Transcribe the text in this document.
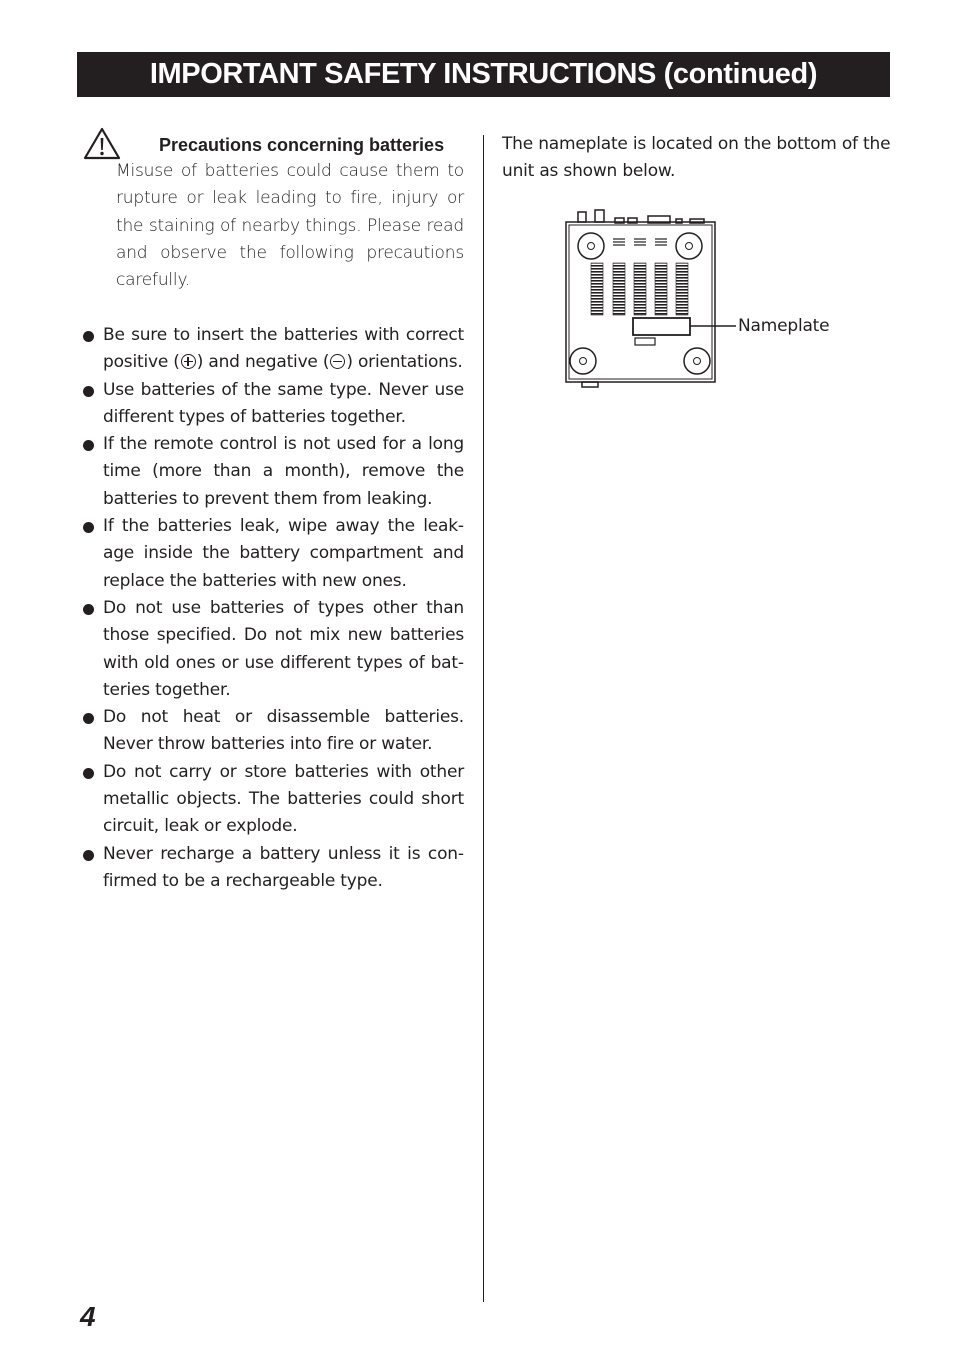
IMPORTANT SAFETY INSTRUCTIONS (continued)
Precautions concerning batteries
Misuse of batteries could cause them to rupture or leak leading to fire, injury or the staining of nearby things. Please read and observe the following precautions carefully.
Be sure to insert the batteries with correct positive ( ) and negative ( ) orientations.
Use batteries of the same type. Never use different types of batteries together.
If the remote control is not used for a long time (more than a month), remove the batteries to prevent them from leaking.
If the batteries leak, wipe away the leakage inside the battery compartment and replace the batteries with new ones.
Do not use batteries of types other than those specified. Do not mix new batteries with old ones or use different types of batteries together.
Do not heat or disassemble batteries. Never throw batteries into fire or water.
Do not carry or store batteries with other metallic objects. The batteries could short circuit, leak or explode.
Never recharge a battery unless it is confirmed to be a rechargeable type.
The nameplate is located on the bottom of the unit as shown below.
Nameplate
4
